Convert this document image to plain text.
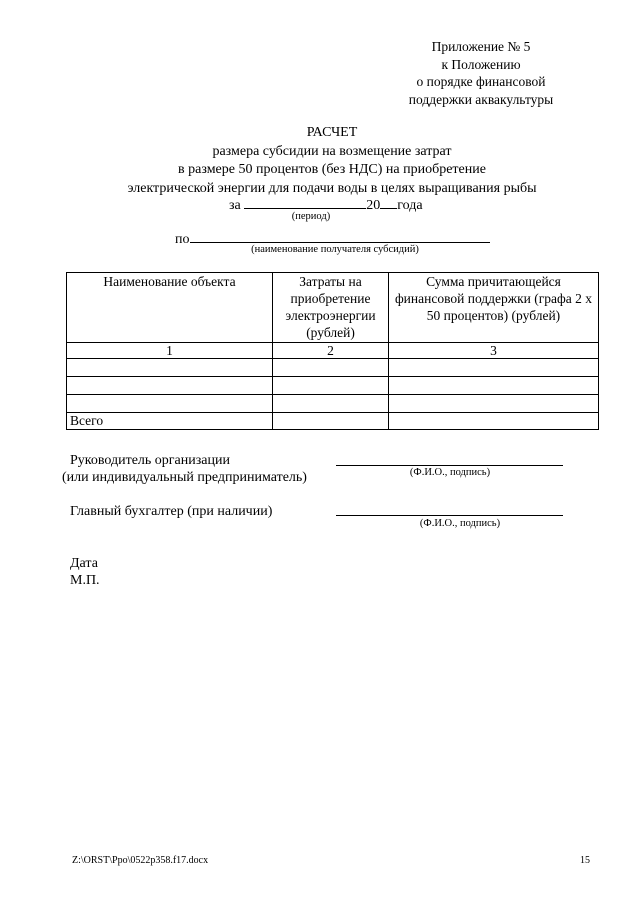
Приложение № 5
к Положению
о порядке финансовой
поддержки аквакультуры
РАСЧЕТ
размера субсидии на возмещение затрат
в размере 50 процентов (без НДС) на приобретение
электрической энергии для подачи воды в целях выращивания рыбы
за	20 года
(период)
по
(наименование получателя субсидий)
Наименование объекта	Затраты на приобретение электроэнергии (рублей)	Сумма причитающейся финансовой поддержки (графа 2 х 50 процентов) (рублей)
1	2	3

Всего		
Руководитель организации
(или индивидуальный предприниматель)	(Ф.И.О., подпись)
Главный бухгалтер (при наличии)
(Ф.И.О., подпись)
Дата
М.П.
Z:\ORST\Ppo\0522p358.f17.docx	15
